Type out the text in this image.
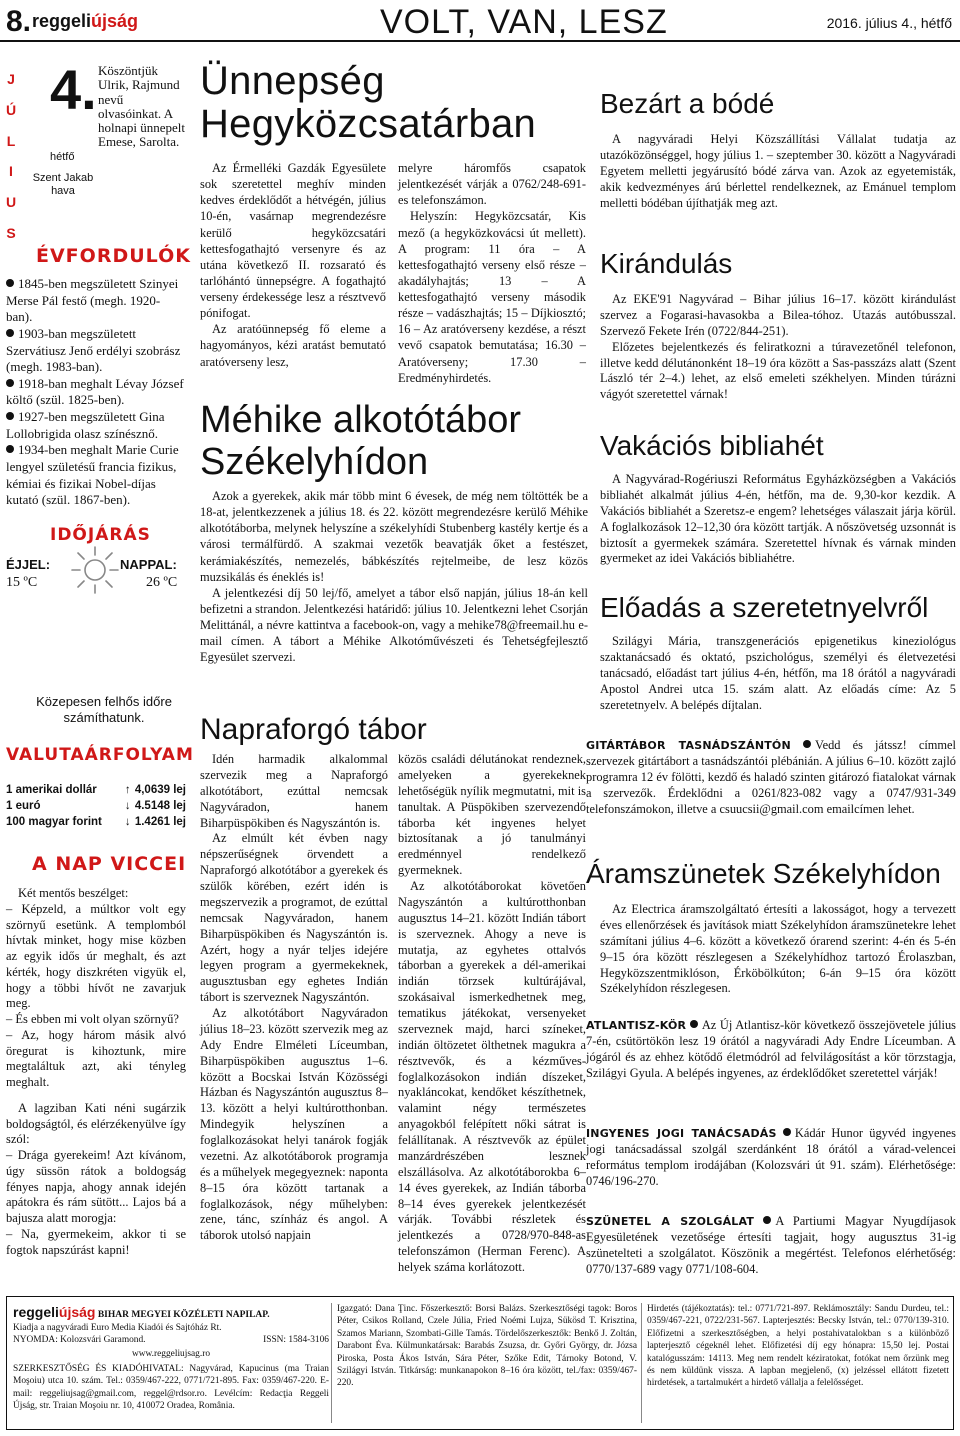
8. reggeliújság	VOLT, VAN, LESZ	2016. július 4., hétfő
J
Ú
L
I
U
S
4.
hétfő
Szent Jakab hava
Köszöntjük Ulrik, Rajmund nevű olvasóinkat. A holnapi ünnepelt Emese, Sarolta.
ÉVFORDULÓK
1845-ben megszületett Szinyei Merse Pál festő (megh. 1920-ban).
1903-ban megszületett Szervátiusz Jenő erdélyi szobrász (megh. 1983-ban).
1918-ban meghalt Lévay József költő (szül. 1825-ben).
1927-ben megszületett Gina Lollobrigida olasz színésznő.
1934-ben meghalt Marie Curie lengyel születésű francia fizikus, kémiai és fizikai Nobel-díjas kutató (szül. 1867-ben).
IDŐJÁRÁS
ÉJJEL:
15 ºC
NAPPAL:
26 ºC
Közepesen felhős időre számíthatunk.
VALUTAÁRFOLYAM
1 amerikai dollár ↑ 4,0639 lej
1 euró	↓ 4.5148 lej
100 magyar forint ↓ 1.4261 lej
A NAP VICCEI

Két mentős beszélget:

– Képzeld, a múltkor volt egy szörnyű esetünk. A templomból hívtak minket, hogy mise közben az egyik idős úr meghalt, és azt kérték, hogy diszkréten vigyük el, hogy a többi hívőt ne zavarjuk meg.

– És ebben mi volt olyan szörnyű?

– Az, hogy három másik alvó öregurat is kihoztunk, mire megtaláltuk azt, aki tényleg meghalt.

A lagziban Kati néni sugárzik boldogságtól, és elérzékenyülve így szól:

– Drága gyerekeim! Azt kívánom, úgy süssön rátok a boldogság fényes napja, ahogy annak idején apátokra és rám sütött... Lajos bá a bajusza alatt morogja:

– Na, gyermekeim, akkor ti se fogtok napszúrást kapni!

Ünnepség Hegyközcsatárban

Az Érmelléki Gazdák Egyesülete sok szeretettel meghív minden kedves érdeklődőt a hétvégén, július 10-én, vasárnap megrendezésre kerülő hegyközcsatári kettesfogathajtó versenyre és az utána következő II. rozsarató és tarlóhántó ünnepségre. A fogathajtó verseny érdekessége lesz a résztvevő pónifogat.

Az aratóünnepség fő eleme a hagyományos, kézi aratást bemutató aratóverseny lesz,

melyre háromfős csapatok jelentkezését várják a 0762/248-691-es telefonszámon.

Helyszín: Hegyközcsatár, Kis mező (a hegyközkovácsi út mellett). A program: 11 óra – A kettesfogathajtó verseny első része – akadályhajtás; 13 – A kettesfogathajtó verseny második része – vadászhajtás; 15 – Díjkiosztó; 16 – Az aratóverseny kezdése, a részt vevő csapatok bemutatása; 16.30 – Aratóverseny; 17.30 – Eredményhirdetés.

Méhike alkotótábor Székelyhídon

Azok a gyerekek, akik már több mint 6 évesek, de még nem töltötték be a 18-at, jelentkezzenek a július 18. és 22. között megrendezésre kerülő Méhike alkotótáborba, melynek helyszíne a székelyhídi Stubenberg kastély kertje és a városi termálfürdő. A szakmai vezetők beavatják őket a festészet, kerámiakészítés, nemezelés, bábkészítés rejtelmeibe, de lesz közös muzsikálás és éneklés is!

A jelentkezési díj 50 lej/fő, amelyet a tábor első napján, július 18-án kell befizetni a strandon. Jelentkezési határidő: július 10. Jelentkezni lehet Csorján Melittánál, a névre kattintva a facebook-on, vagy a mehike78@freemail.hu e-mail címen. A tábort a Méhike Alkotóművészeti és Tehetségfejlesztő Egyesület szervezi.

Napraforgó tábor

Idén harmadik alkalommal szervezik meg a Napraforgó alkotótábort, ezúttal nemcsak Nagyváradon, hanem Biharpüspökiben és Nagyszántón is.

Az elmúlt két évben nagy népszerűségnek örvendett a Napraforgó alkotótábor a gyerekek és szülők körében, ezért idén is megszervezik a programot, de ezúttal nemcsak Nagyváradon, hanem Biharpüspökiben és Nagyszántón is. Azért, hogy a nyár teljes idejére legyen program a gyermekeknek, augusztusban egy eghetes Indián tábort is szerveznek Nagyszántón.

Az alkotótábort Nagyváradon július 18–23. között szervezik meg az Ady Endre Elméleti Líceumban, Biharpüspökiben augusztus 1–6. között a Bocskai István Közösségi Házban és Nagyszántón augusztus 8–13. között a helyi kultúrotthonban. Mindegyik helyszínen a foglalkozásokat helyi tanárok fogják vezetni. Az alkotótáborok programja és a műhelyek megegyeznek: naponta 8–15 óra között tartanak a foglalkozások, négy műhelyben: zene, tánc, színház és angol. A táborok utolsó napjain

közös családi délutánokat rendeznek, amelyeken a gyerekeknek lehetőségük nyílik megmutatni, mit is tanultak. A Püspökiben szervezendő táborba két ingyenes helyet biztosítanak a jó tanulmányi eredménnyel rendelkező gyermeknek.

Az alkotótáborokat követően Nagyszántón a kultúrotthonban augusztus 14–21. között Indián tábort is szerveznek. Ahogy a neve is mutatja, az egyhetes ottalvós táborban a gyerekek a dél-amerikai indián törzsek kultúrájával, szokásaival ismerkedhetnek meg, tematikus játékokat, versenyeket szerveznek majd, harci színeket, indián öltözetet ölthetnek magukra a résztvevők, és a kézműves-foglalkozásokon indián díszeket, nyakláncokat, kendőket készíthetnek, valamint négy természetes anyagokból felépített nőki sátrat is felállítanak. A résztvevők az épület manzárdrészében lesznek elszállásolva. Az alkotótáborokba 6–14 éves gyerekek, az Indián táborba 8–14 éves gyerekek jelentkezését várják. További részletek és jelentkezés a 0728/970-848-as telefonszámon (Herman Ferenc). A helyek száma korlátozott.

Bezárt a bódé

A nagyváradi Helyi Közszállítási Vállalat tudatja az utazóközönséggel, hogy július 1. – szeptember 30. között a Nagyváradi Egyetem melletti jegyárusító bódé zárva van. Azok az egyetemisták, akik kedvezményes árú bérlettel rendelkeznek, az Emánuel templom melletti bódéban újíthatják meg azt.

Kirándulás

Az EKE'91 Nagyvárad – Bihar július 16–17. között kirándulást szervez a Fogarasi-havasokba a Bilea-tóhoz. Utazás autóbusszal. Szervező Fekete Irén (0722/844-251).

Előzetes bejelentkezés és feliratkozni a túravezetőnél telefonon, illetve kedd délutánonként 18–19 óra között a Sas-passzázs alatt (Szent László tér 2–4.) lehet, az első emeleti székhelyen. Minden túrázni vágyót szeretettel várnak!

Vakációs bibliahét

A Nagyvárad-Rogériuszi Református Egyházközségben a Vakációs bibliahét alkalmát július 4-én, hétfőn, ma de. 9,30-kor kezdik. A Vakációs bibliahét a Szeretsz-e engem? lehetséges válaszait járja körül. A foglalkozások 12–12,30 óra között tartják. A nőszövetség uzsonnát is biztosít a gyermekek számára. Szeretettel hívnak és várnak minden gyermeket az idei Vakációs bibliahétre.

Előadás a szeretetnyelvről

Szilágyi Mária, transzgenerációs epigenetikus kineziológus szaktanácsadó és oktató, pszichológus, személyi és életvezetési tanácsadó, előadást tart július 4-én, hétfőn, ma 18 órától a nagyváradi Apostol Andrei utca 15. szám alatt. Az előadás címe: Az 5 szeretetnyelv. A belépés díjtalan.

GITÁRTÁBOR TASNÁDSZÁNTÓN Vedd és játssz! címmel szervezek gitártábort a tasnádszántói plébánián. A július 6–10. között zajló programra 12 év fölötti, kezdő és haladó szinten gitározó fiatalokat várnak a szervezők. Érdeklődni a 0261/823-082 vagy a 0747/931-349 telefonszámokon, illetve a csuucsii@gmail.com emailcímen lehet.

Áramszünetek Székelyhídon

Az Electrica áramszolgáltató értesíti a lakosságot, hogy a tervezett éves ellenőrzések és javítások miatt Székelyhídon áramszünetekre lehet számítani július 4–6. között a következő órarend szerint: 4-én és 5-én 9–15 óra között részlegesen a Székelyhídhoz tartozó Érolaszban, Hegyközszentmiklóson, Érköbölkúton; 6-án 9–15 óra között Székelyhídon részlegesen.

ATLANTISZ-KÖR Az Új Atlantisz-kör következő összejövetele július 7-én, csütörtökön lesz 19 órától a nagyváradi Ady Endre Líceumban. A jógáról és az ehhez kötődő életmódról ad felvilágosítást a kör törzstagja, Szilágyi Gyula. A belépés ingyenes, az érdeklődőket szeretettel várják!

INGYENES JOGI TANÁCSADÁS Kádár Hunor ügyvéd ingyenes jogi tanácsadással szolgál szerdánként 18 órától a várad-velencei református templom irodájában (Kolozsvári út 91. szám). Elérhetősége: 0746/196-270.

SZÜNETEL A SZOLGÁLAT A Partiumi Magyar Nyugdíjasok Egyesületének vezetősége értesíti tagjait, hogy augusztus 31-ig szünetelteti a szolgálatot. Köszönik a megértést. Telefonos elérhetőség: 0770/137-689 vagy 0771/108-604.

reggeliújság BIHAR MEGYEI KÖZÉLETI NAPILAP.
Kiadja a nagyváradi Euro Media Kiadói és Sajtóház Rt.
NYOMDA: Kolozsvári Garamond.	ISSN: 1584-3106
www.reggeliujsag.ro

SZERKESZTŐSÉG ÉS KIADÓHIVATAL: Nagyvárad, Kapucinus (ma Traian Moşoiu) utca 10. szám. Tel.: 0359/467-222, 0771/721-895. Fax: 0359/467-220. E-mail: reggeliujsag@gmail.com, reggel@rdsor.ro. Levélcím: Redacţia Reggeli Újság, str. Traian Moşoiu nr. 10, 410072 Oradea, România.

Igazgató: Dana Ţinc. Főszerkesztő: Borsi Balázs. Szerkesztőségi tagok: Boros Péter, Csikos Rolland, Czele Júlia, Fried Noémi Lujza, Sükösd T. Krisztina, Szamos Mariann, Szombati-Gille Tamás. Tördelőszerkesztők: Benkő J. Zoltán, Darabont Éva. Külmunkatársak: Barabás Zsuzsa, dr. Győri György, dr. Józsa Piroska, Posta Ákos István, Sára Péter, Szőke Edit, Tárnoky Botond, V. Szilágyi István. Titkárság: munkanapokon 8–16 óra között, tel./fax: 0359/467-220.

Hirdetés (tájékoztatás): tel.: 0771/721-897. Reklámosztály: Sandu Durdeu, tel.: 0359/467-221, 0722/231-567. Lapterjesztés: Becsky István, tel.: 0770/139-310. Előfizetni a szerkesztőségben, a helyi postahivatalokban s a különböző lapterjesztő cégeknél lehet. Előfizetési díj egy hónapra: 15,50 lej. Postai katalógusszám: 14113. Meg nem rendelt kéziratokat, fotókat nem őrzünk meg és nem küldünk vissza. A lapban megjelenő, (x) jelzéssel ellátott fizetett hirdetések, a tartalmukért a hirdető vállalja a felelősséget.
